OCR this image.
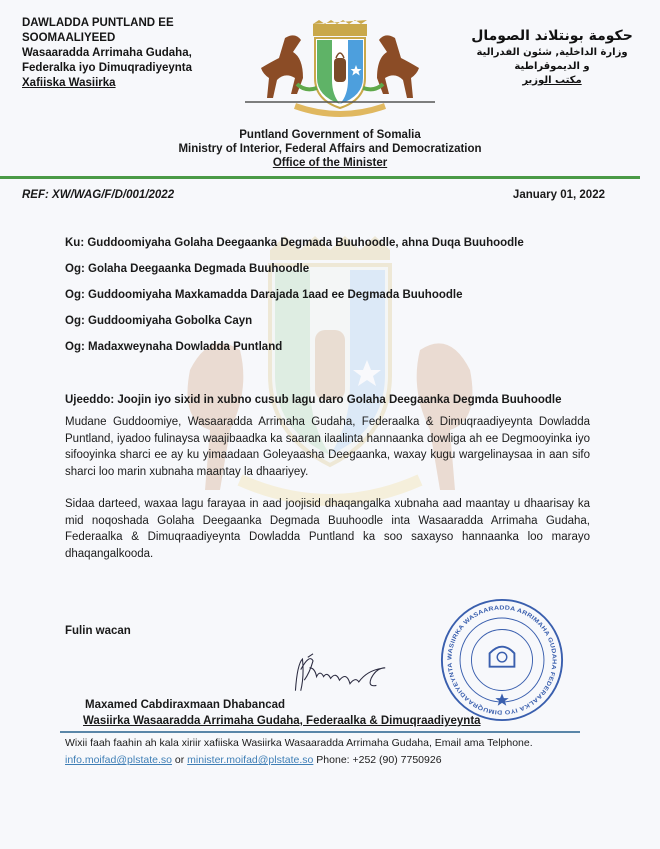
DAWLADDA PUNTLAND EE
SOOMAALIYEED
Wasaaradda Arrimaha Gudaha,
Federalka iyo Dimuqradiyeynta
Xafiiska Wasiirka
حكومة بونتلاند الصومال
وزارة الداخلية, شئون الفدرالية
و الديموقراطية
مكتب الوزير
Puntland Government of Somalia
Ministry of Interior, Federal Affairs and Democratization
Office of the Minister
REF: XW/WAG/F/D/001/2022	January 01, 2022
Ku: Guddoomiyaha Golaha Deegaanka Degmada Buuhoodle, ahna Duqa Buuhoodle
Og: Golaha Deegaanka Degmada Buuhoodle
Og: Guddoomiyaha Maxkamadda Darajada 1aad ee Degmada Buuhoodle
Og: Guddoomiyaha Gobolka Cayn
Og: Madaxweynaha Dowladda Puntland
Ujeeddo: Joojin iyo sixid in xubno cusub lagu daro Golaha Deegaanka Degmda Buuhoodle
Mudane Guddoomiye, Wasaaradda Arrimaha Gudaha, Federaalka & Dimuqraadiyeynta Dowladda Puntland, iyadoo fulinaysa waajibaadka ka saaran ilaalinta hannaanka dowliga ah ee Degmooyinka iyo sifooyinka sharci ee ay ku yimaadaan Goleyaasha Deegaanka, waxay kugu wargelinaysaa in aan sifo sharci loo marin xubnaha maantay la dhaariyey.
Sidaa darteed, waxaa lagu farayaa in aad joojisid dhaqangalka xubnaha aad maantay u dhaarisay ka mid noqoshada Golaha Deegaanka Degmada Buuhoodle inta Wasaaradda Arrimaha Gudaha, Federaalka & Dimuqraadiyeynta Dowladda Puntland ka soo saxayso hannaanka loo marayo dhaqangalkooda.
Fulin wacan
WASIIRKA WASAARADDA ARRIMAHA GUDAHA FEDERAALKA IYO DIMUQRAADIYEYNTA
Maxamed Cabdiraxmaan Dhabancad
Wasiirka Wasaaradda Arrimaha Gudaha, Federaalka & Dimuqraadiyeynta
Wixii faah faahin ah kala xiriir xafiiska Wasiirka Wasaaradda Arrimaha Gudaha, Email ama Telphone.
info.moifad@plstate.so or minister.moifad@plstate.so Phone: +252 (90) 7750926
